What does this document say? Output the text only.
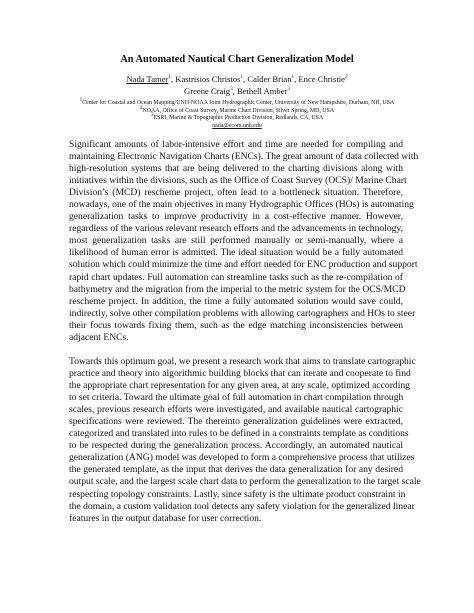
An Automated Nautical Chart Generalization Model
Nada Tamer$^1$, Kastrisios Christos$^1$, Calder Brian$^1$, Ence Christie$^2$
Greene Craig$^3$, Bethell Amber$^3$
$^1$Center for Coastal and Ocean Mapping/UNH-NOAA Joint Hydrographic Center, University of New Hampshire, Durham, NH, USA
$^2$NOAA, Office of Coast Survey, Marine Chart Division, Silver Spring, MD, USA
$^3$ESRI, Marine & Topographic Production Division, Redlands, CA, USA
nada@ccom.unh.edu
Significant amounts of labor-intensive effort and time are needed for compiling and
maintaining Electronic Navigation Charts (ENCs). The great amount of data collected with
high-resolution systems that are being delivered to the charting divisions along with
initiatives within the divisions, such as the Office of Coast Survey (OCS)/ Marine Chart
Division’s (MCD) rescheme project, often lead to a bottleneck situation. Therefore,
nowadays, one of the main objectives in many Hydrographic Offices (HOs) is automating
generalization tasks to improve productivity in a cost-effective manner. However,
regardless of the various relevant research efforts and the advancements in technology,
most generalization tasks are still performed manually or semi-manually, where a
likelihood of human error is admitted. The ideal situation would be a fully automated
solution which could minimize the time and effort needed for ENC production and support
rapid chart updates. Full automation can streamline tasks such as the re-compilation of
bathymetry and the migration from the imperial to the metric system for the OCS/MCD
rescheme project. In addition, the time a fully automated solution would save could,
indirectly, solve other compilation problems with allowing cartographers and HOs to steer
their focus towards fixing them, such as the edge matching inconsistencies between
adjacent ENCs.
Towards this optimum goal, we present a research work that aims to translate cartographic
practice and theory into algorithmic building blocks that can iterate and cooperate to find
the appropriate chart representation for any given area, at any scale, optimized according
to set criteria. Toward the ultimate goal of full automation in chart compilation through
scales, previous research efforts were investigated, and available nautical cartographic
specifications were reviewed. The thereinto generalization guidelines were extracted,
categorized and translated into rules to be defined in a constraints template as conditions
to be respected during the generalization process. Accordingly, an automated nautical
generalization (ANG) model was developed to form a comprehensive process that utilizes
the generated template, as the input that derives the data generalization for any desired
output scale, and the largest scale chart data to perform the generalization to the target scale
respecting topology constraints. Lastly, since safety is the ultimate product constraint in
the domain, a custom validation tool detects any safety violation for the generalized linear
features in the output database for user correction.
